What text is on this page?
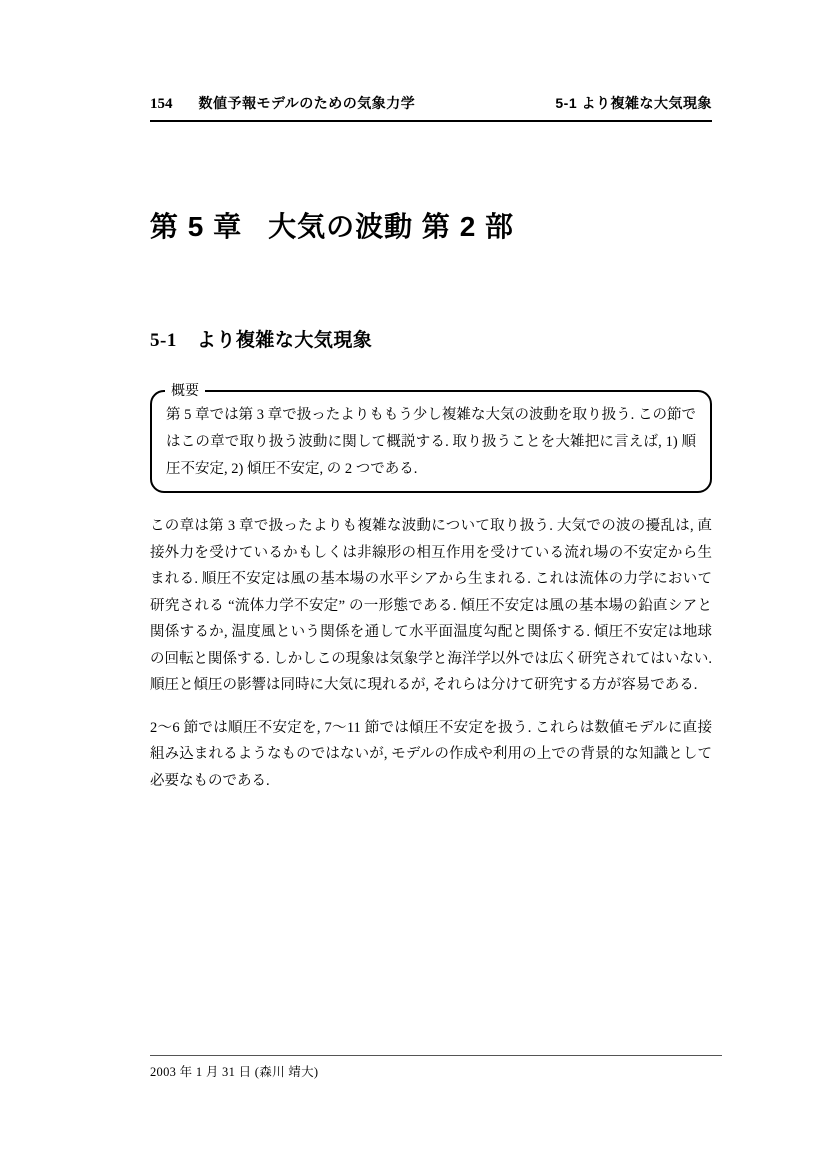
154 数値予報モデルのための気象力学	5-1 より複雑な大気現象
第 5 章 大気の波動 第 2 部
5-1 より複雑な大気現象
概要

第 5 章では第 3 章で扱ったよりももう少し複雑な大気の波動を取り扱う. この節ではこの章で取り扱う波動に関して概説する. 取り扱うことを大雑把に言えば, 1) 順圧不安定, 2) 傾圧不安定, の 2 つである.

この章は第 3 章で扱ったよりも複雑な波動について取り扱う. 大気での波の擾乱は, 直接外力を受けているかもしくは非線形の相互作用を受けている流れ場の不安定から生まれる. 順圧不安定は風の基本場の水平シアから生まれる. これは流体の力学において研究される “流体力学不安定” の一形態である. 傾圧不安定は風の基本場の鉛直シアと関係するか, 温度風という関係を通して水平面温度勾配と関係する. 傾圧不安定は地球の回転と関係する. しかしこの現象は気象学と海洋学以外では広く研究されてはいない. 順圧と傾圧の影響は同時に大気に現れるが, それらは分けて研究する方が容易である.

2〜6 節では順圧不安定を, 7〜11 節では傾圧不安定を扱う. これらは数値モデルに直接組み込まれるようなものではないが, モデルの作成や利用の上での背景的な知識として必要なものである.

2003 年 1 月 31 日 (森川 靖大)
